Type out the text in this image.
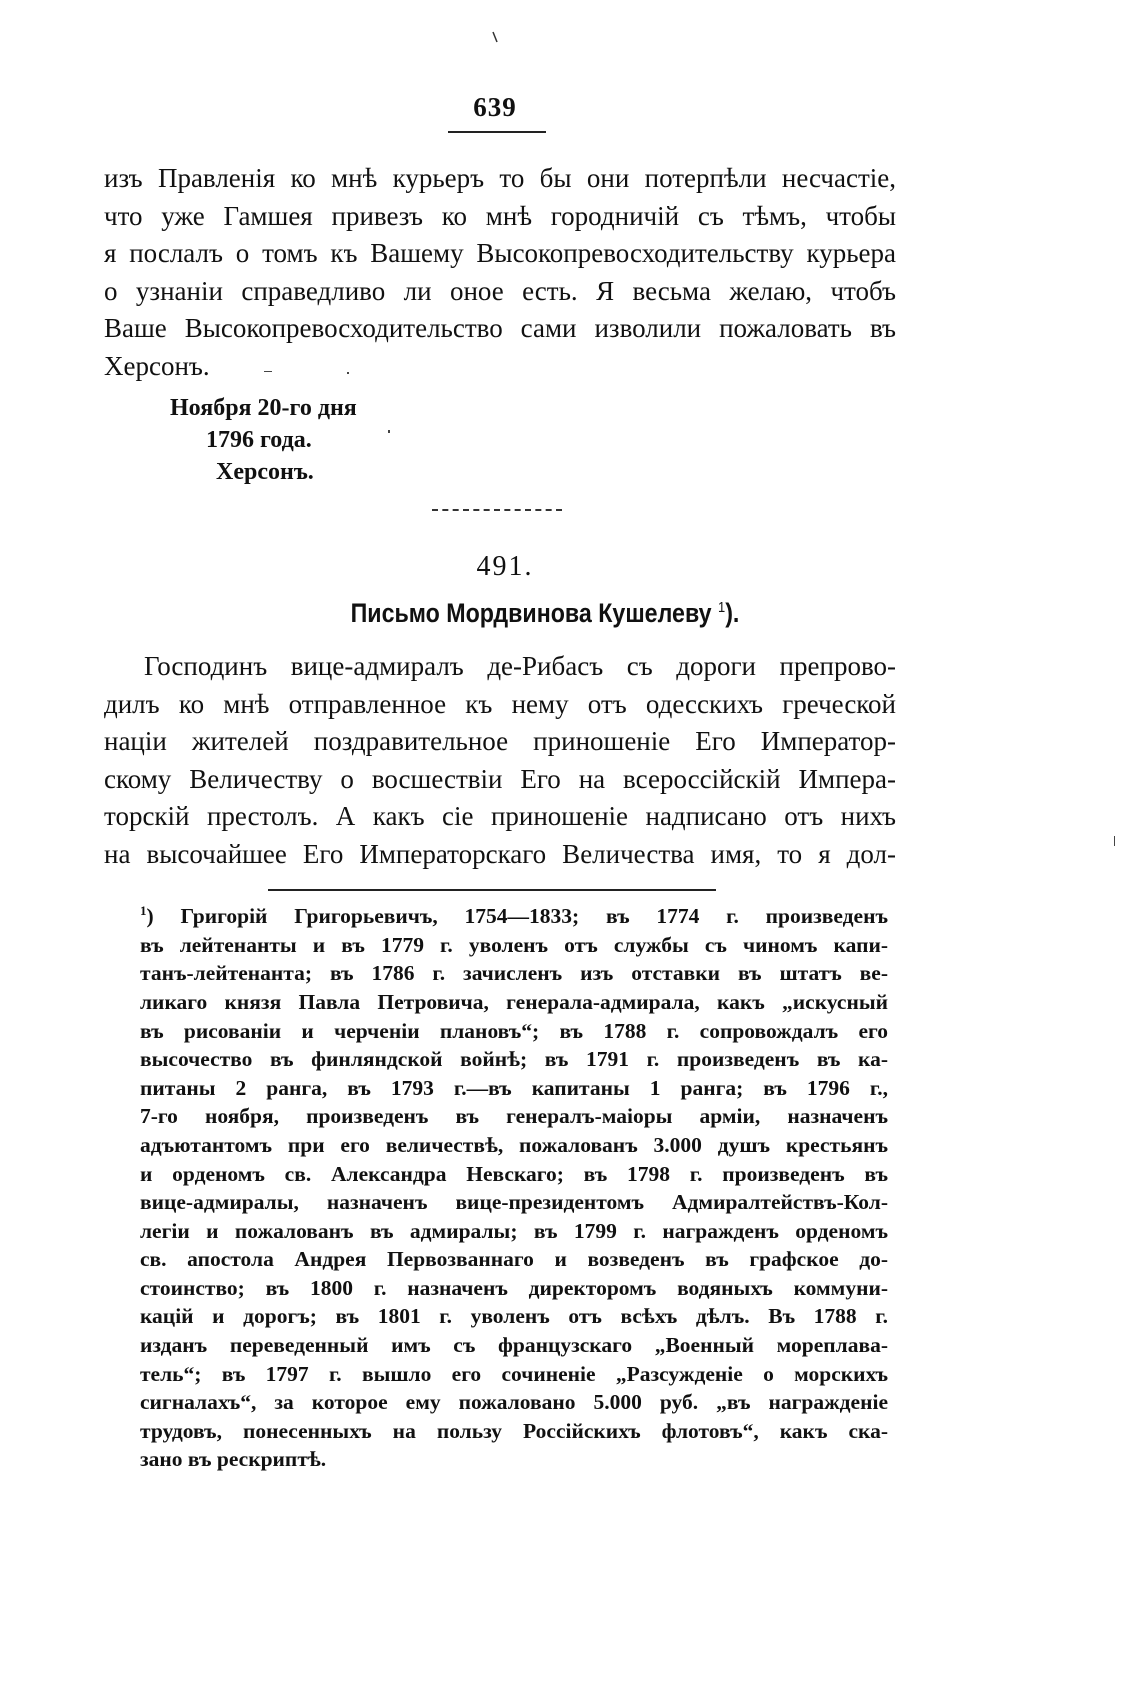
639
изъ Правленія ко мнѣ курьеръ то бы они потерпѣли несчастіе,
что уже Гамшея привезъ ко мнѣ городничій съ тѣмъ, чтобы
я послалъ о томъ къ Вашему Высокопревосходительству курьера
о узнаніи справедливо ли оное есть. Я весьма желаю, чтобъ
Ваше Высокопревосходительство сами изволили пожаловать въ
Херсонъ.
Ноября 20-го дня
1796 года.
Херсонъ.
491.
Письмо Мордвинова Кушелеву $^1$).
Господинъ вице-адмиралъ де-Рибасъ съ дороги препрово-
дилъ ко мнѣ отправленное къ нему отъ одесскихъ греческой
націи жителей поздравительное приношеніе Его Император-
скому Величеству о восшествіи Его на всероссійскій Импера-
торскій престолъ. А какъ сіе приношеніе надписано отъ нихъ
на высочайшее Его Императорскаго Величества имя, то я дол-
$^1$) Григорій Григорьевичъ, 1754—1833; въ 1774 г. произведенъ
въ лейтенанты и въ 1779 г. уволенъ отъ службы съ чиномъ капи-
танъ-лейтенанта; въ 1786 г. зачисленъ изъ отставки въ штатъ ве-
ликаго князя Павла Петровича, генерала-адмирала, какъ „искусный
въ рисованіи и черченіи плановъ“; въ 1788 г. сопровождалъ его
высочество въ финляндской войнѣ; въ 1791 г. произведенъ въ ка-
питаны 2 ранга, въ 1793 г.—въ капитаны 1 ранга; въ 1796 г.,
7-го ноября, произведенъ въ генералъ-маіоры арміи, назначенъ
адъютантомъ при его величествѣ, пожалованъ 3.000 душъ крестьянъ
и орденомъ св. Александра Невскаго; въ 1798 г. произведенъ въ
вице-адмиралы, назначенъ вице-президентомъ Адмиралтействъ-Кол-
легіи и пожалованъ въ адмиралы; въ 1799 г. награжденъ орденомъ
св. апостола Андрея Первозваннаго и возведенъ въ графское до-
стоинство; въ 1800 г. назначенъ директоромъ водяныхъ коммуни-
кацій и дорогъ; въ 1801 г. уволенъ отъ всѣхъ дѣлъ. Въ 1788 г.
изданъ переведенный имъ съ французскаго „Военный мореплава-
тель“; въ 1797 г. вышло его сочиненіе „Разсужденіе о морскихъ
сигналахъ“, за которое ему пожаловано 5.000 руб. „въ награжденіе
трудовъ, понесенныхъ на пользу Россійскихъ флотовъ“, какъ ска-
зано въ рескриптѣ.
